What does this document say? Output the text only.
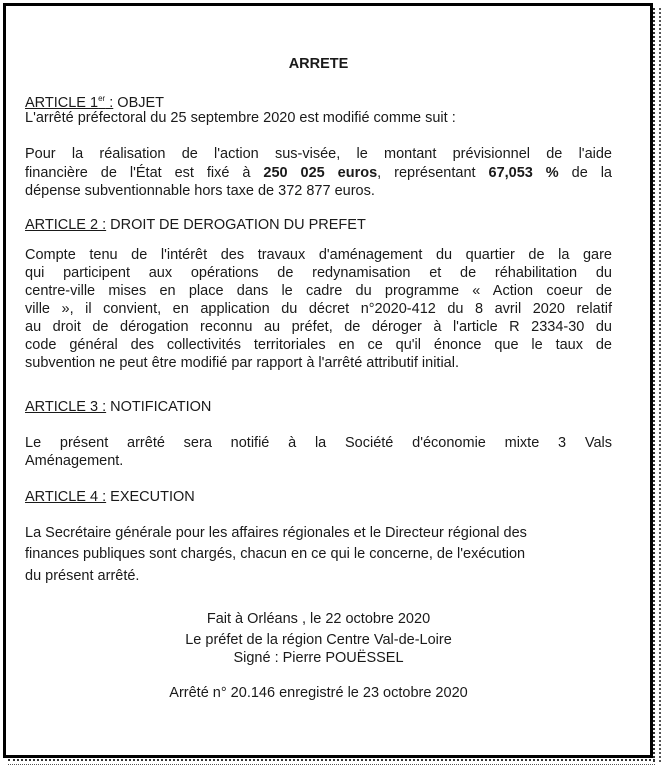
ARRETE
ARTICLE 1er : OBJET
L'arrêté préfectoral du 25 septembre 2020 est modifié comme suit :
Pour la réalisation de l'action sus-visée, le montant prévisionnel de l'aide
financière de l'État est fixé à 250 025 euros, représentant 67,053 % de la
dépense subventionnable hors taxe de 372 877 euros.
ARTICLE 2 : DROIT DE DEROGATION DU PREFET
Compte tenu de l'intérêt des travaux d'aménagement du quartier de la gare
qui participent aux opérations de redynamisation et de réhabilitation du
centre-ville mises en place dans le cadre du programme « Action coeur de
ville », il convient, en application du décret n°2020-412 du 8 avril 2020 relatif
au droit de dérogation reconnu au préfet, de déroger à l'article R 2334-30 du
code général des collectivités territoriales en ce qu'il énonce que le taux de
subvention ne peut être modifié par rapport à l'arrêté attributif initial.
ARTICLE 3 : NOTIFICATION
Le présent arrêté sera notifié à la Société d'économie mixte 3 Vals
Aménagement.
ARTICLE 4 : EXECUTION
La Secrétaire générale pour les affaires régionales et le Directeur régional des
finances publiques sont chargés, chacun en ce qui le concerne, de l'exécution
du présent arrêté.
Fait à Orléans , le 22 octobre 2020
Le préfet de la région Centre Val-de-Loire
Signé : Pierre POUËSSEL
Arrêté n° 20.146 enregistré le 23 octobre 2020
